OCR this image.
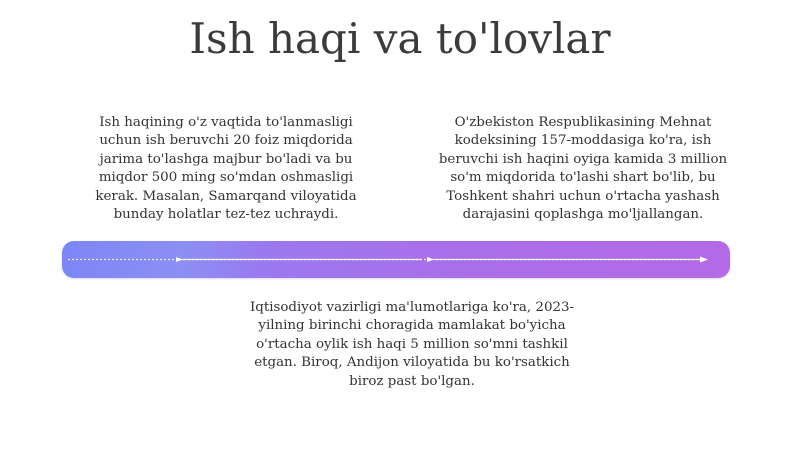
Ish haqi va to'lovlar
Ish haqining o'z vaqtida to'lanmasligi
uchun ish beruvchi 20 foiz miqdorida
jarima to'lashga majbur bo'ladi va bu
miqdor 500 ming so'mdan oshmasligi
kerak. Masalan, Samarqand viloyatida
bunday holatlar tez-tez uchraydi.
O'zbekiston Respublikasining Mehnat
kodeksining 157-moddasiga ko'ra, ish
beruvchi ish haqini oyiga kamida 3 million
so'm miqdorida to'lashi shart bo'lib, bu
Toshkent shahri uchun o'rtacha yashash
darajasini qoplashga mo'ljallangan.
Iqtisodiyot vazirligi ma'lumotlariga ko'ra, 2023-
yilning birinchi choragida mamlakat bo'yicha
o'rtacha oylik ish haqi 5 million so'mni tashkil
etgan. Biroq, Andijon viloyatida bu ko'rsatkich
biroz past bo'lgan.
